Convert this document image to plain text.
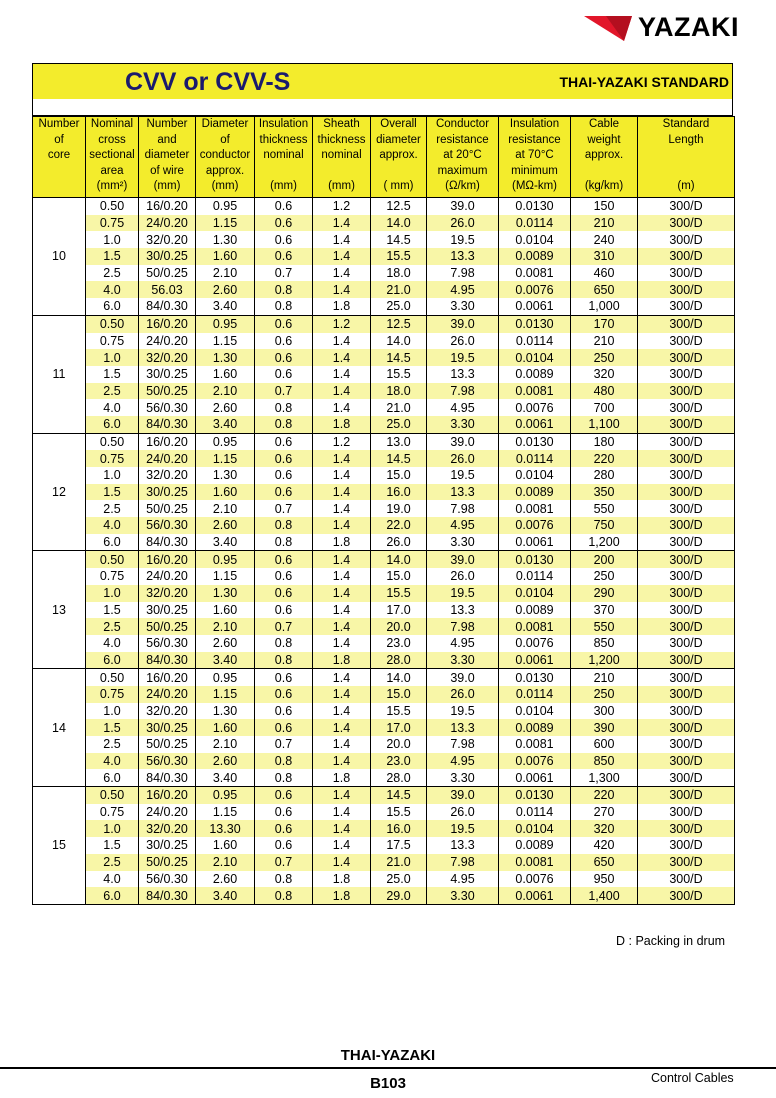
YAZAKI
CVV or CVV-S	THAI-YAZAKI STANDARD
Number
of
core	Nominal
cross
sectional
area
(mm²)	Number
and
diameter
of wire
(mm)	Diameter
of
conductor
approx.
(mm)	Insulation
thickness
nominal

(mm)	Sheath
thickness
nominal

(mm)	Overall
diameter
approx.

( mm)	Conductor
resistance
at 20°C
maximum
(Ω/km)	Insulation
resistance
at 70°C
minimum
(MΩ-km)	Cable
weight
approx.

(kg/km)	Standard
Length

(m)

10	0.50	16/0.20	0.95	0.6	1.2	12.5	39.0	0.0130	150	300/D
	0.75	24/0.20	1.15	0.6	1.4	14.0	26.0	0.0114	210	300/D
	1.0	32/0.20	1.30	0.6	1.4	14.5	19.5	0.0104	240	300/D
	1.5	30/0.25	1.60	0.6	1.4	15.5	13.3	0.0089	310	300/D
	2.5	50/0.25	2.10	0.7	1.4	18.0	7.98	0.0081	460	300/D
	4.0	56.03	2.60	0.8	1.4	21.0	4.95	0.0076	650	300/D
	6.0	84/0.30	3.40	0.8	1.8	25.0	3.30	0.0061	1,000	300/D
11	0.50	16/0.20	0.95	0.6	1.2	12.5	39.0	0.0130	170	300/D
	0.75	24/0.20	1.15	0.6	1.4	14.0	26.0	0.0114	210	300/D
	1.0	32/0.20	1.30	0.6	1.4	14.5	19.5	0.0104	250	300/D
	1.5	30/0.25	1.60	0.6	1.4	15.5	13.3	0.0089	320	300/D
	2.5	50/0.25	2.10	0.7	1.4	18.0	7.98	0.0081	480	300/D
	4.0	56/0.30	2.60	0.8	1.4	21.0	4.95	0.0076	700	300/D
	6.0	84/0.30	3.40	0.8	1.8	25.0	3.30	0.0061	1,100	300/D
12	0.50	16/0.20	0.95	0.6	1.2	13.0	39.0	0.0130	180	300/D
	0.75	24/0.20	1.15	0.6	1.4	14.5	26.0	0.0114	220	300/D
	1.0	32/0.20	1.30	0.6	1.4	15.0	19.5	0.0104	280	300/D
	1.5	30/0.25	1.60	0.6	1.4	16.0	13.3	0.0089	350	300/D
	2.5	50/0.25	2.10	0.7	1.4	19.0	7.98	0.0081	550	300/D
	4.0	56/0.30	2.60	0.8	1.4	22.0	4.95	0.0076	750	300/D
	6.0	84/0.30	3.40	0.8	1.8	26.0	3.30	0.0061	1,200	300/D
13	0.50	16/0.20	0.95	0.6	1.4	14.0	39.0	0.0130	200	300/D
	0.75	24/0.20	1.15	0.6	1.4	15.0	26.0	0.0114	250	300/D
	1.0	32/0.20	1.30	0.6	1.4	15.5	19.5	0.0104	290	300/D
	1.5	30/0.25	1.60	0.6	1.4	17.0	13.3	0.0089	370	300/D
	2.5	50/0.25	2.10	0.7	1.4	20.0	7.98	0.0081	550	300/D
	4.0	56/0.30	2.60	0.8	1.4	23.0	4.95	0.0076	850	300/D
	6.0	84/0.30	3.40	0.8	1.8	28.0	3.30	0.0061	1,200	300/D
14	0.50	16/0.20	0.95	0.6	1.4	14.0	39.0	0.0130	210	300/D
	0.75	24/0.20	1.15	0.6	1.4	15.0	26.0	0.0114	250	300/D
	1.0	32/0.20	1.30	0.6	1.4	15.5	19.5	0.0104	300	300/D
	1.5	30/0.25	1.60	0.6	1.4	17.0	13.3	0.0089	390	300/D
	2.5	50/0.25	2.10	0.7	1.4	20.0	7.98	0.0081	600	300/D
	4.0	56/0.30	2.60	0.8	1.4	23.0	4.95	0.0076	850	300/D
	6.0	84/0.30	3.40	0.8	1.8	28.0	3.30	0.0061	1,300	300/D
15	0.50	16/0.20	0.95	0.6	1.4	14.5	39.0	0.0130	220	300/D
	0.75	24/0.20	1.15	0.6	1.4	15.5	26.0	0.0114	270	300/D
	1.0	32/0.20	13.30	0.6	1.4	16.0	19.5	0.0104	320	300/D
	1.5	30/0.25	1.60	0.6	1.4	17.5	13.3	0.0089	420	300/D
	2.5	50/0.25	2.10	0.7	1.4	21.0	7.98	0.0081	650	300/D
	4.0	56/0.30	2.60	0.8	1.8	25.0	4.95	0.0076	950	300/D
	6.0	84/0.30	3.40	0.8	1.8	29.0	3.30	0.0061	1,400	300/D
D : Packing in drum
THAI-YAZAKI
B103	Control Cables
